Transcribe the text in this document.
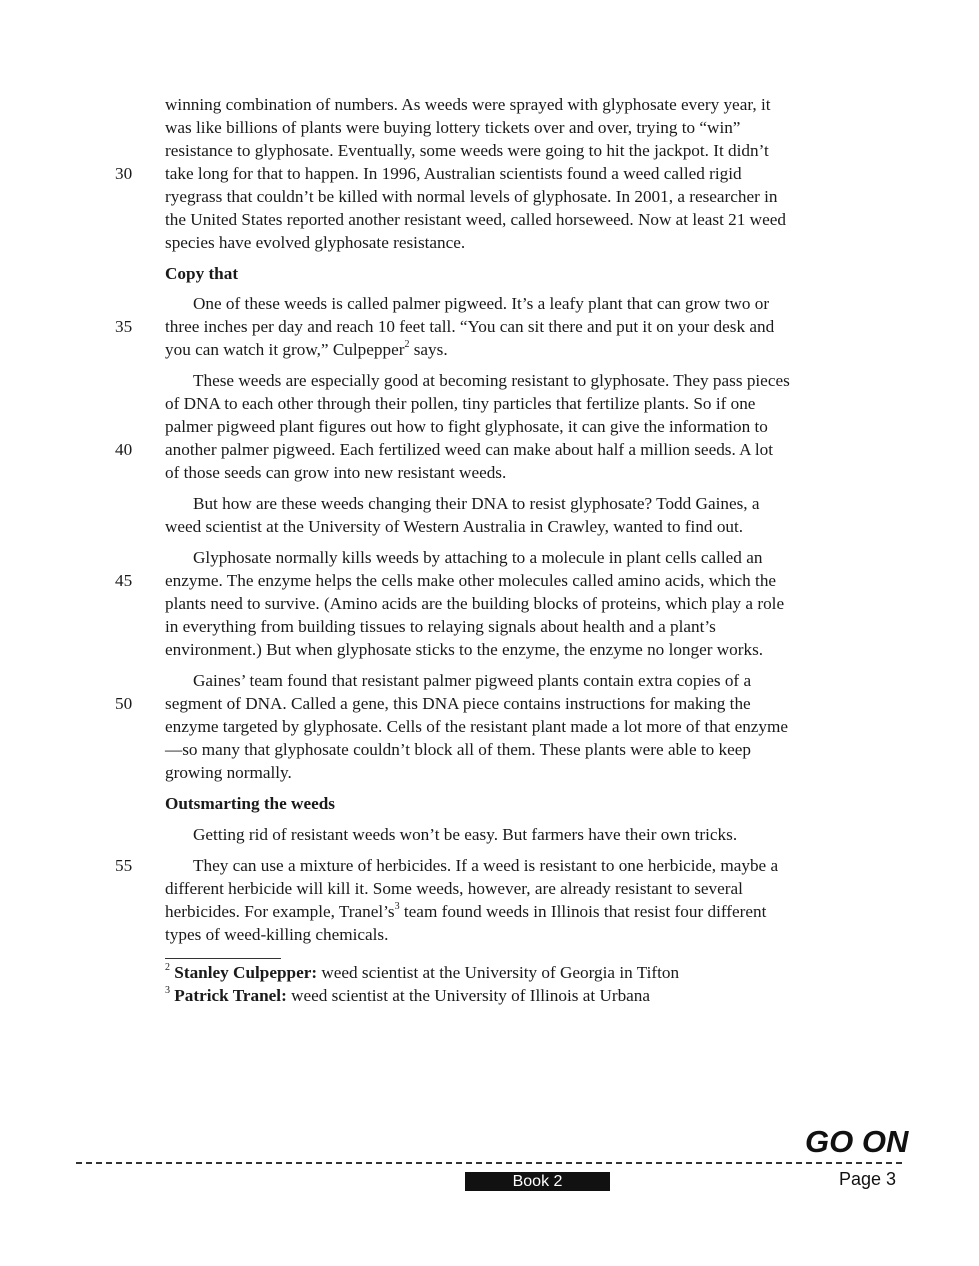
winning combination of numbers. As weeds were sprayed with glyphosate every year, it
was like billions of plants were buying lottery tickets over and over, trying to “win”
resistance to glyphosate. Eventually, some weeds were going to hit the jackpot. It didn’t
take long for that to happen. In 1996, Australian scientists found a weed called rigid
ryegrass that couldn’t be killed with normal levels of glyphosate. In 2001, a researcher in
the United States reported another resistant weed, called horseweed. Now at least 21 weed
species have evolved glyphosate resistance.
Copy that
One of these weeds is called palmer pigweed. It’s a leafy plant that can grow two or
three inches per day and reach 10 feet tall. “You can sit there and put it on your desk and
you can watch it grow,” Culpepper$^2$ says.
These weeds are especially good at becoming resistant to glyphosate. They pass pieces
of DNA to each other through their pollen, tiny particles that fertilize plants. So if one
palmer pigweed plant figures out how to fight glyphosate, it can give the information to
another palmer pigweed. Each fertilized weed can make about half a million seeds. A lot
of those seeds can grow into new resistant weeds.
But how are these weeds changing their DNA to resist glyphosate? Todd Gaines, a
weed scientist at the University of Western Australia in Crawley, wanted to find out.
Glyphosate normally kills weeds by attaching to a molecule in plant cells called an
enzyme. The enzyme helps the cells make other molecules called amino acids, which the
plants need to survive. (Amino acids are the building blocks of proteins, which play a role
in everything from building tissues to relaying signals about health and a plant’s
environment.) But when glyphosate sticks to the enzyme, the enzyme no longer works.
Gaines’ team found that resistant palmer pigweed plants contain extra copies of a
segment of DNA. Called a gene, this DNA piece contains instructions for making the
enzyme targeted by glyphosate. Cells of the resistant plant made a lot more of that enzyme
—so many that glyphosate couldn’t block all of them. These plants were able to keep
growing normally.
Outsmarting the weeds
Getting rid of resistant weeds won’t be easy. But farmers have their own tricks.
They can use a mixture of herbicides. If a weed is resistant to one herbicide, maybe a
different herbicide will kill it. Some weeds, however, are already resistant to several
herbicides. For example, $Tranel’s^3$ team found weeds in Illinois that resist four different
types of weed-killing chemicals.
30
35
40
45
50
55
$^2$ Stanley Culpepper: weed scientist at the University of Georgia in Tifton
$^3$ Patrick Tranel: weed scientist at the University of Illinois at Urbana
GO ON
Book 2	Page 3
